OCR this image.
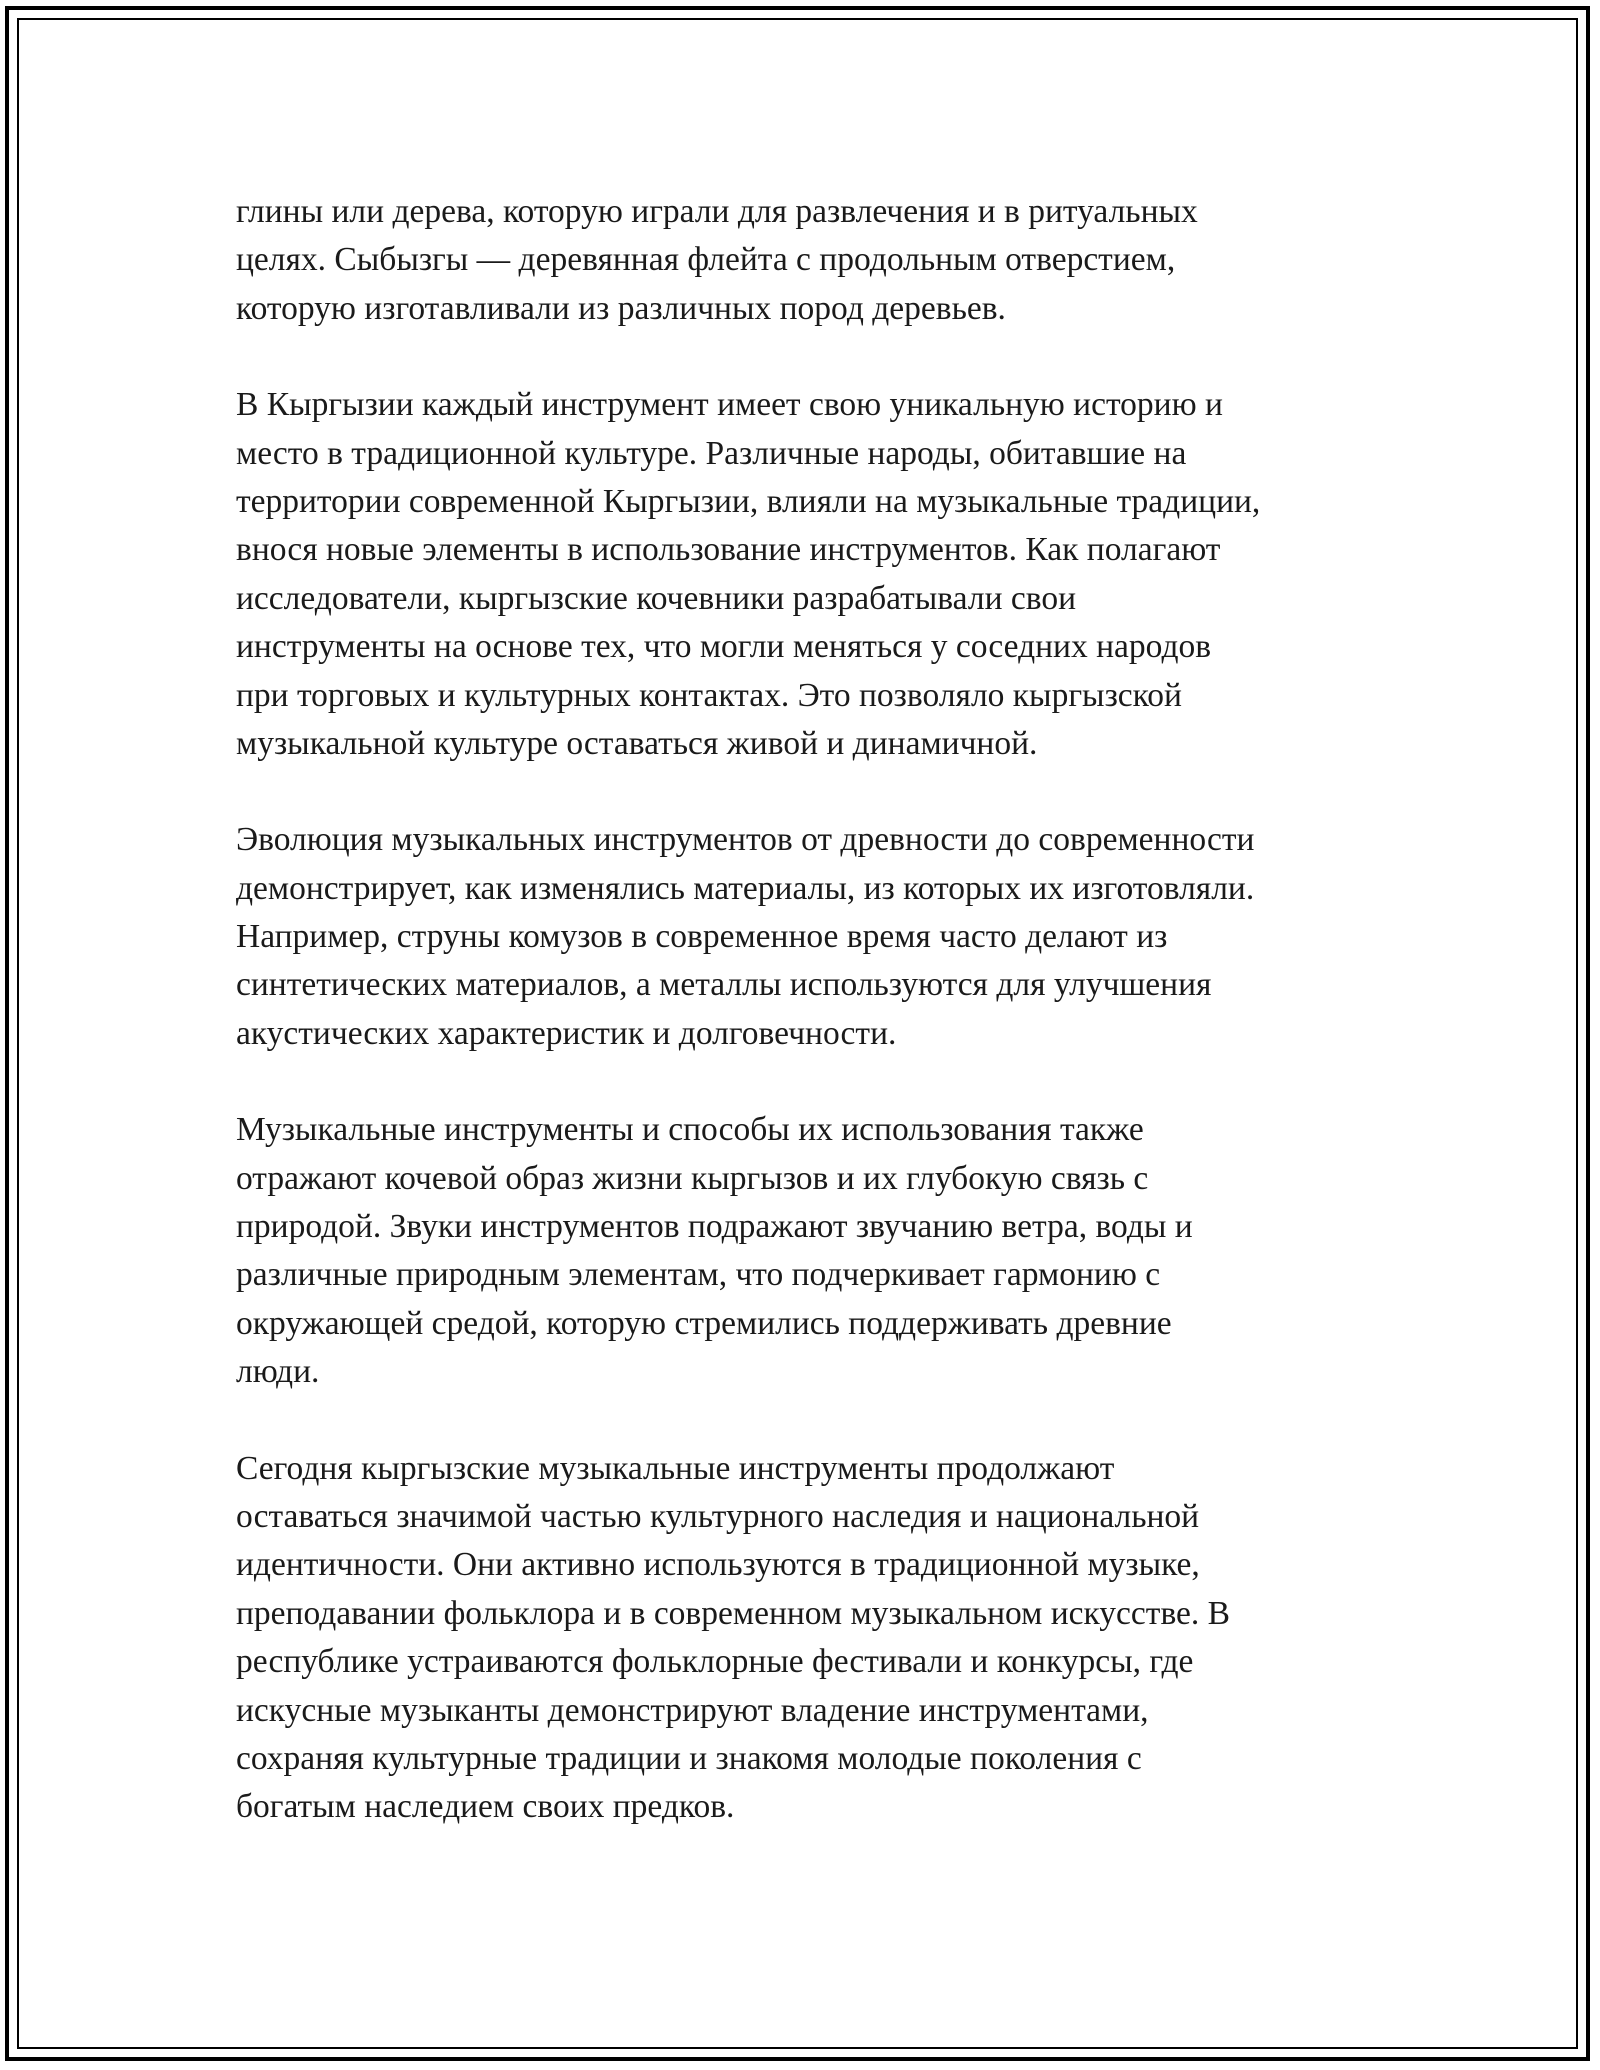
глины или дерева, которую играли для развлечения и в ритуальных
целях. Сыбызгы — деревянная флейта с продольным отверстием,
которую изготавливали из различных пород деревьев.
В Кыргызии каждый инструмент имеет свою уникальную историю и
место в традиционной культуре. Различные народы, обитавшие на
территории современной Кыргызии, влияли на музыкальные традиции,
внося новые элементы в использование инструментов. Как полагают
исследователи, кыргызские кочевники разрабатывали свои
инструменты на основе тех, что могли меняться у соседних народов
при торговых и культурных контактах. Это позволяло кыргызской
музыкальной культуре оставаться живой и динамичной.
Эволюция музыкальных инструментов от древности до современности
демонстрирует, как изменялись материалы, из которых их изготовляли.
Например, струны комузов в современное время часто делают из
синтетических материалов, а металлы используются для улучшения
акустических характеристик и долговечности.
Музыкальные инструменты и способы их использования также
отражают кочевой образ жизни кыргызов и их глубокую связь с
природой. Звуки инструментов подражают звучанию ветра, воды и
различные природным элементам, что подчеркивает гармонию с
окружающей средой, которую стремились поддерживать древние
люди.
Сегодня кыргызские музыкальные инструменты продолжают
оставаться значимой частью культурного наследия и национальной
идентичности. Они активно используются в традиционной музыке,
преподавании фольклора и в современном музыкальном искусстве. В
республике устраиваются фольклорные фестивали и конкурсы, где
искусные музыканты демонстрируют владение инструментами,
сохраняя культурные традиции и знакомя молодые поколения с
богатым наследием своих предков.
